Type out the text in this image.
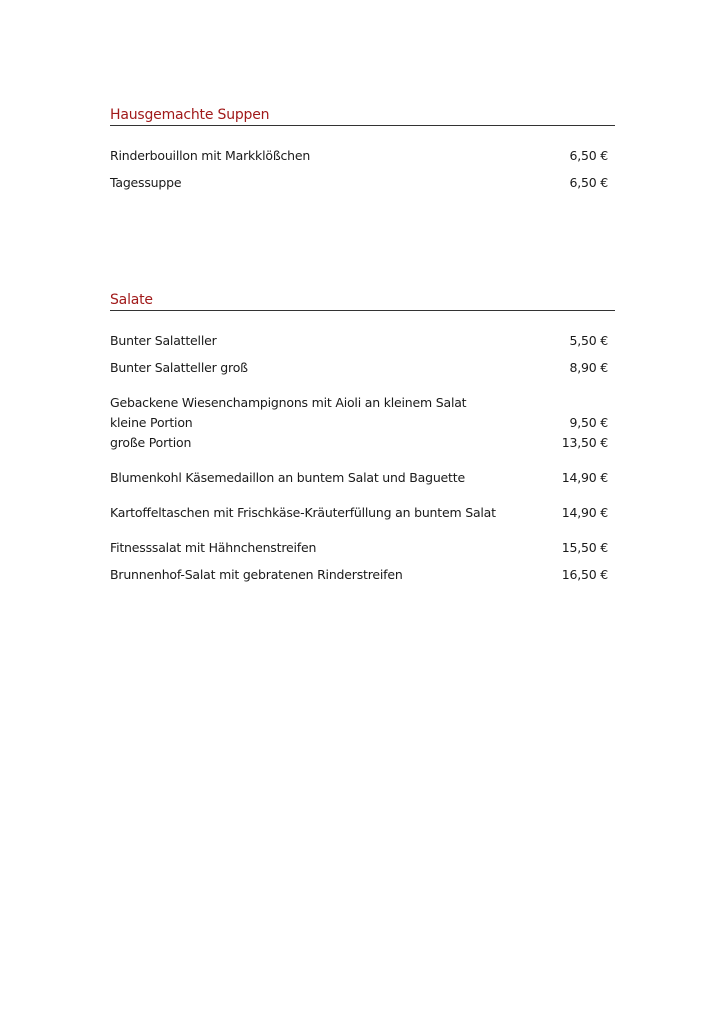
Hausgemachte Suppen
Rinderbouillon mit Markklößchen	6,50 €
Tagessuppe	6,50 €
Salate
Bunter Salatteller	5,50 €
Bunter Salatteller groß	8,90 €
Gebackene Wiesenchampignons mit Aioli an kleinem Salat
kleine Portion	9,50 €
große Portion	13,50 €
Blumenkohl Käsemedaillon an buntem Salat und Baguette	14,90 €
Kartoffeltaschen mit Frischkäse-Kräuterfüllung an buntem Salat	14,90 €
Fitnesssalat mit Hähnchenstreifen	15,50 €
Brunnenhof-Salat mit gebratenen Rinderstreifen	16,50 €
